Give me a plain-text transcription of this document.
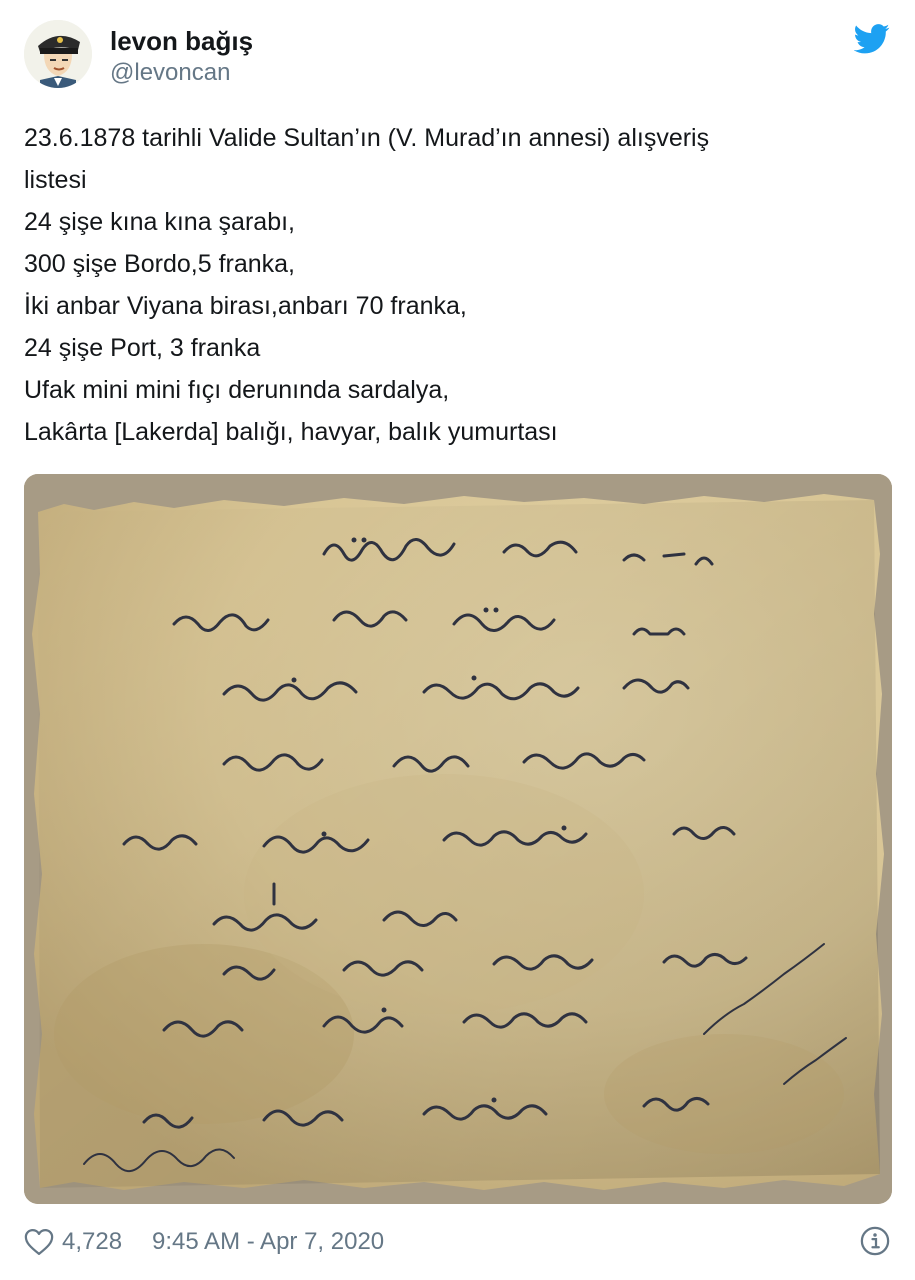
levon bağış
@levoncan
23.6.1878 tarihli Valide Sultan’ın (V. Murad’ın annesi) alışveriş
listesi
24 şişe kına kına şarabı,
300 şişe Bordo,5 franka,
İki anbar Viyana birası,anbarı 70 franka,
24 şişe Port, 3 franka
Ufak mini mini fıçı derunında sardalya,
Lakârta [Lakerda] balığı, havyar, balık yumurtası
4,728 9:45 AM - Apr 7, 2020
